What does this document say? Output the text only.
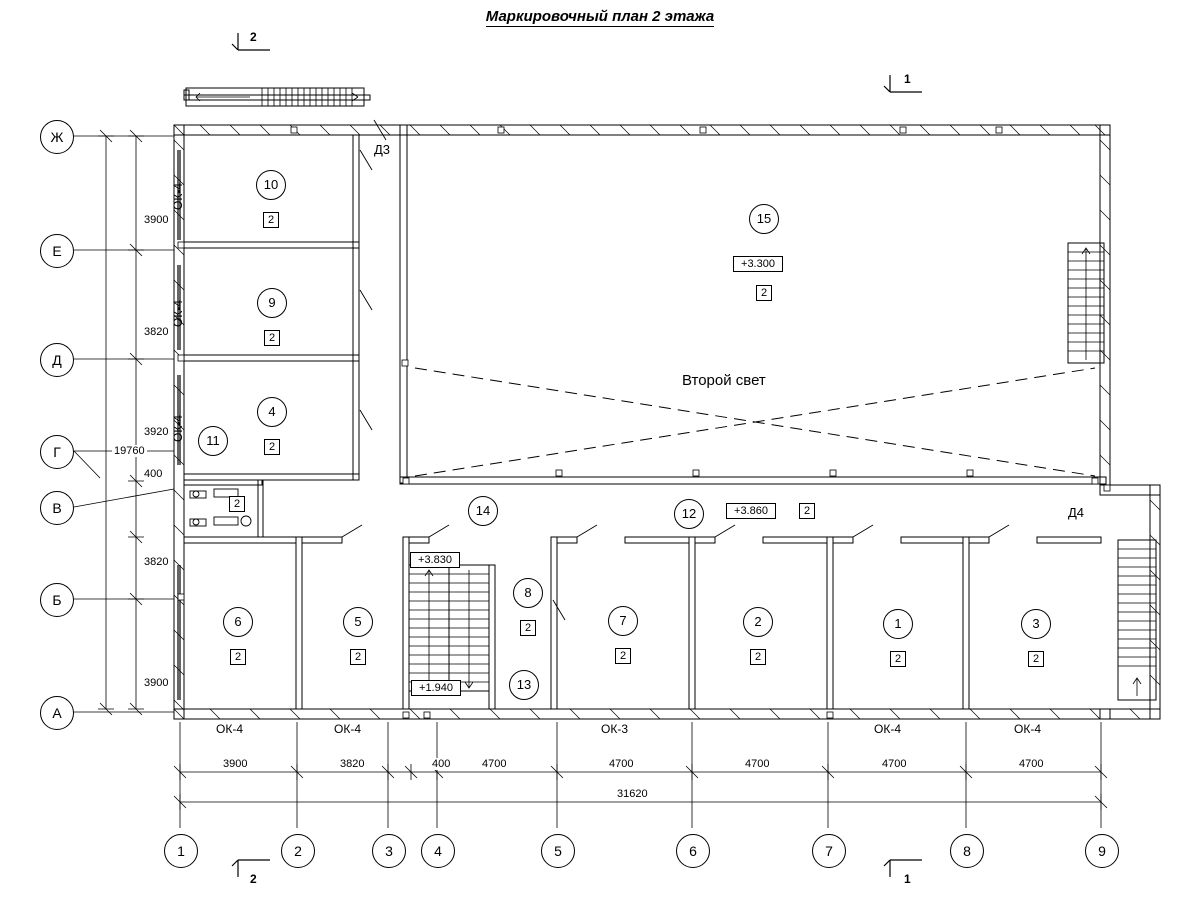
Маркировочный план 2 этажа
Второй свет
Д3
Д4
2
1
2	1
+3.300
+3.860
+3.830
+1.940
10
2
9
2
4
2
11
2
15
2
14	12	2
6
2
5
2
8
2
13
7
2
2
2
1
2
3
2
ОК-4
ОК-4
ОК-4
ОК-4	ОК-4	ОК-3	ОК-4	ОК-4
Ж
Е
Д
Г
В
Б
А
1	2	3	4	5	6	7	8	9
3900
3820
3920
400
3820
3900
19760
3900	3820	400	4700	4700	4700	4700	4700
31620
